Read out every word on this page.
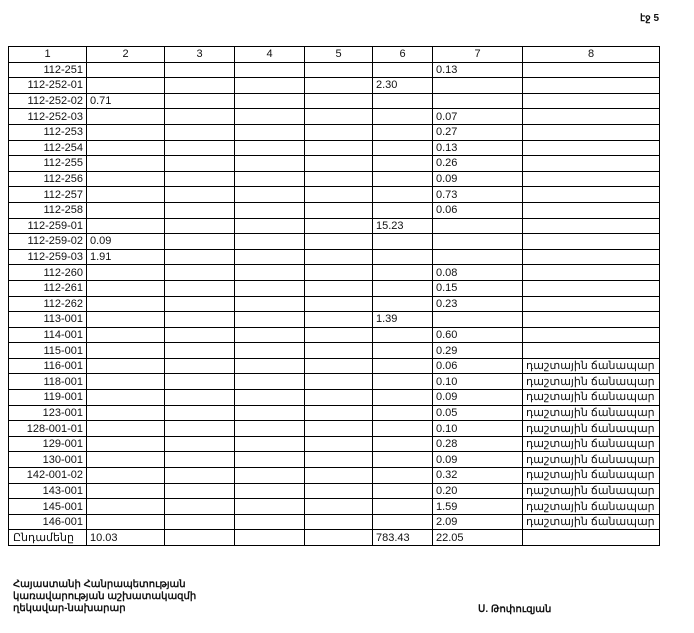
էջ 5
1	2	3	4	5	6	7	8
112-251						0.13	
112-252-01					2.30		
112-252-02	0.71						
112-252-03						0.07	
112-253						0.27	
112-254						0.13	
112-255						0.26	
112-256						0.09	
112-257						0.73	
112-258						0.06	
112-259-01					15.23		
112-259-02	0.09						
112-259-03	1.91						
112-260						0.08	
112-261						0.15	
112-262						0.23	
113-001					1.39		
114-001						0.60	
115-001						0.29	
116-001						0.06	դաշտային ճանապար
118-001						0.10	դաշտային ճանապար
119-001						0.09	դաշտային ճանապար
123-001						0.05	դաշտային ճանապար
128-001-01						0.10	դաշտային ճանապար
129-001						0.28	դաշտային ճանապար
130-001						0.09	դաշտային ճանապար
142-001-02						0.32	դաշտային ճանապար
143-001						0.20	դաշտային ճանապար
145-001						1.59	դաշտային ճանապար
146-001						2.09	դաշտային ճանապար
Ընդամենը	10.03				783.43	22.05	
Հայաստանի Հանրապետության
կառավարության աշխատակազմի
ղեկավար-նախարար	Ս. Թոփուզյան
